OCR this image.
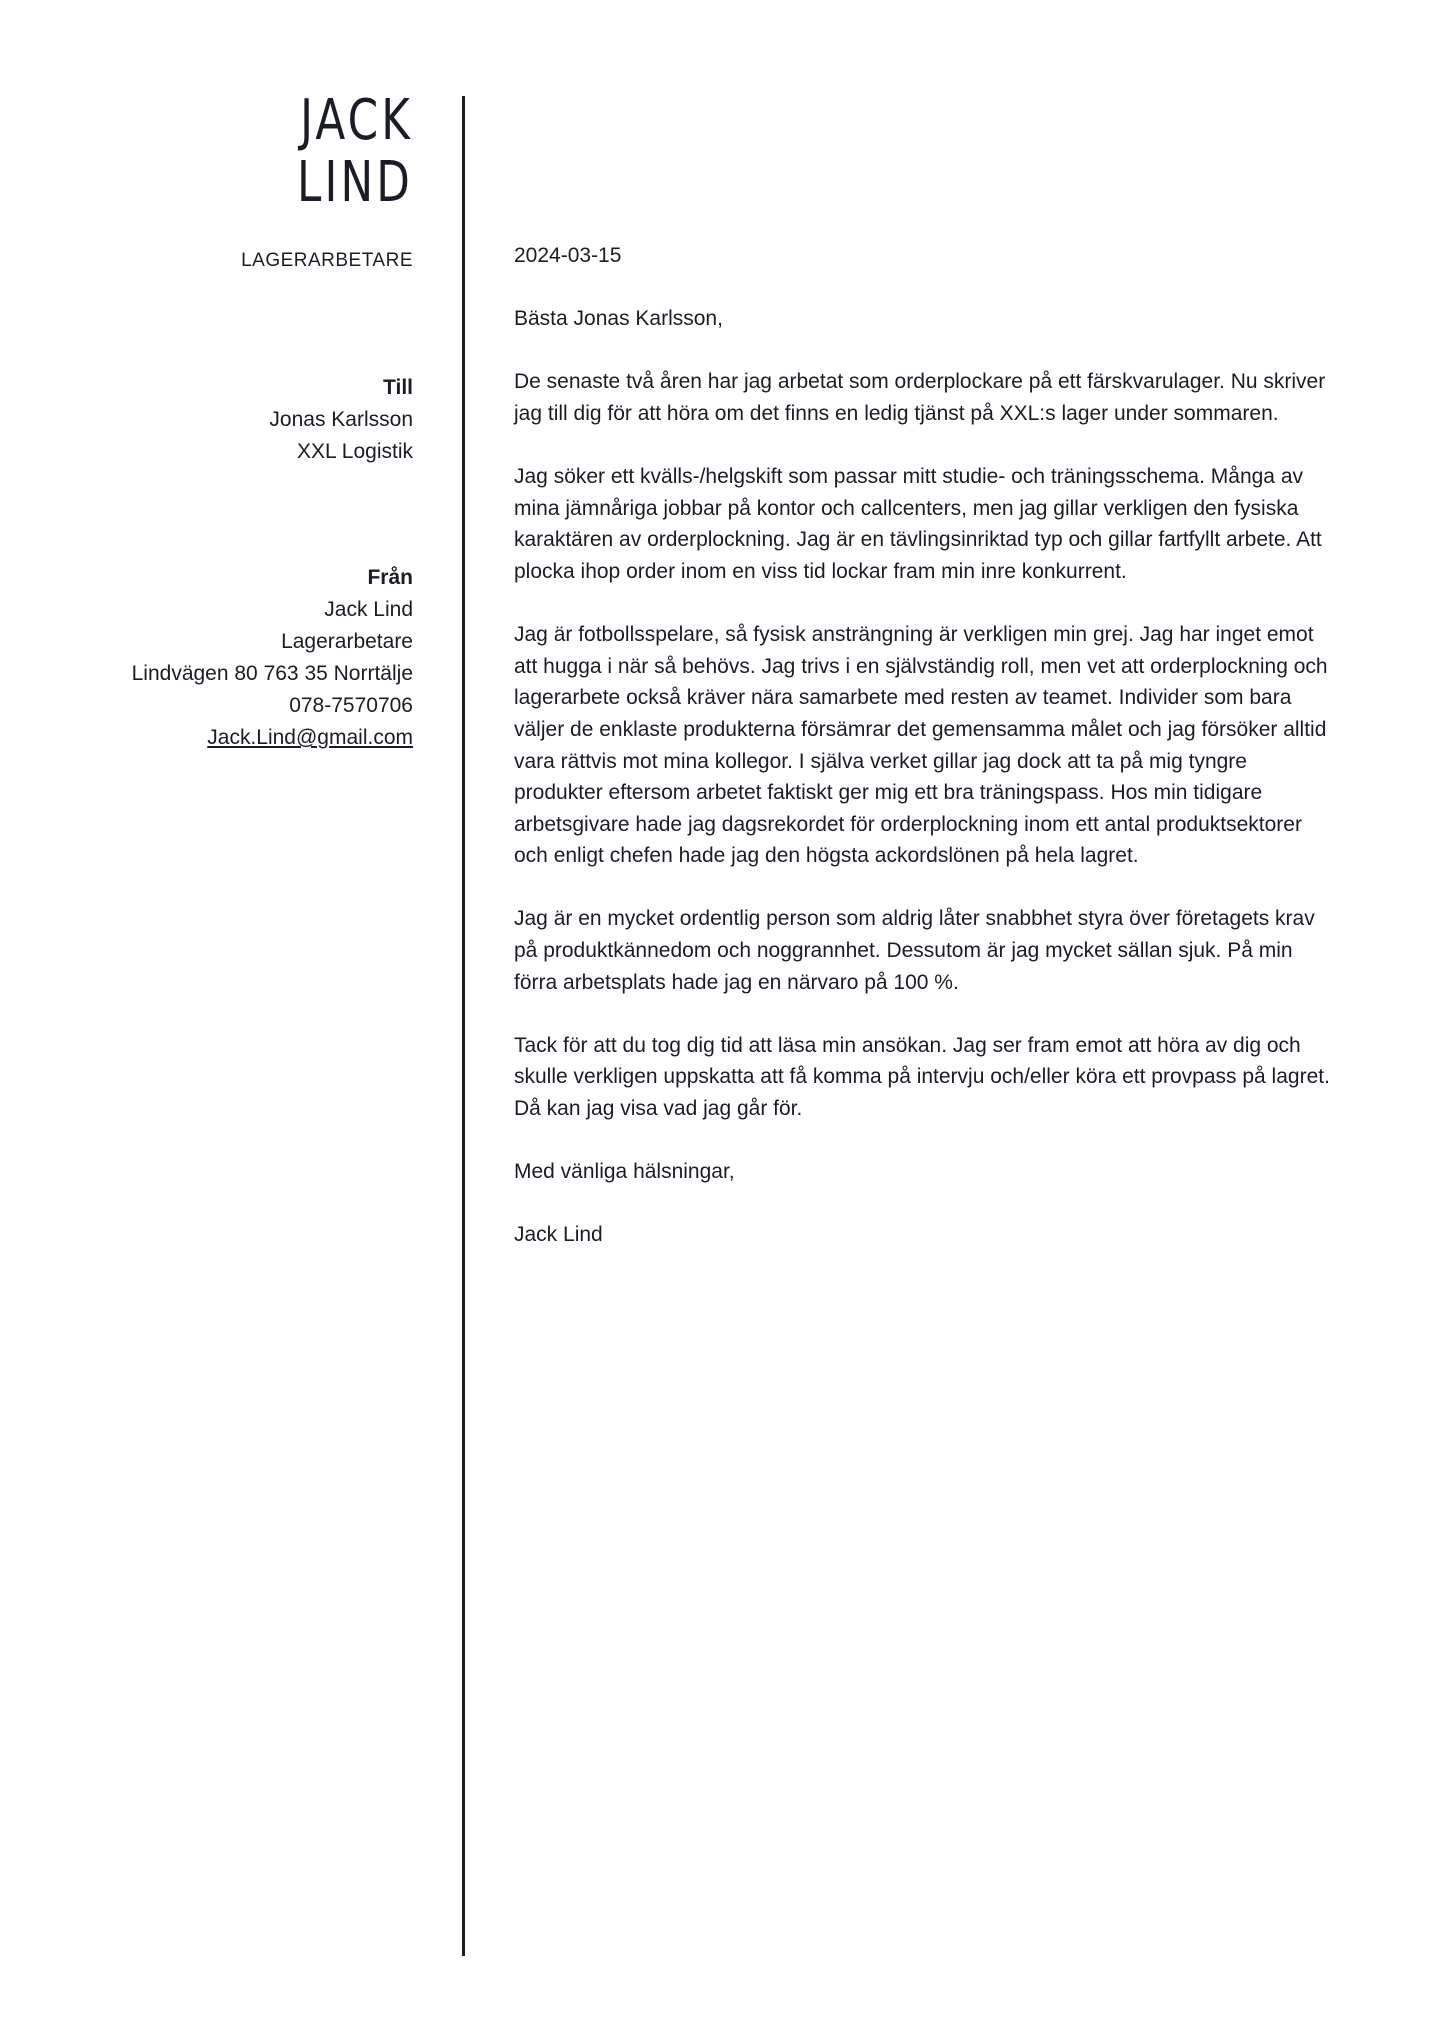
JACK
LIND
LAGERARBETARE
Till
Jonas Karlsson
XXL Logistik
Från
Jack Lind
Lagerarbetare
Lindvägen 80 763 35 Norrtälje
078-7570706
Jack.Lind@gmail.com
2024-03-15
Bästa Jonas Karlsson,
De senaste två åren har jag arbetat som orderplockare på ett färskvarulager. Nu skriver jag till dig för att höra om det finns en ledig tjänst på XXL:s lager under sommaren.
Jag söker ett kvälls-/helgskift som passar mitt studie- och träningsschema. Många av mina jämnåriga jobbar på kontor och callcenters, men jag gillar verkligen den fysiska karaktären av orderplockning. Jag är en tävlingsinriktad typ och gillar fartfyllt arbete. Att plocka ihop order inom en viss tid lockar fram min inre konkurrent.
Jag är fotbollsspelare, så fysisk ansträngning är verkligen min grej. Jag har inget emot att hugga i när så behövs. Jag trivs i en självständig roll, men vet att orderplockning och lagerarbete också kräver nära samarbete med resten av teamet. Individer som bara väljer de enklaste produkterna försämrar det gemensamma målet och jag försöker alltid vara rättvis mot mina kollegor. I själva verket gillar jag dock att ta på mig tyngre produkter eftersom arbetet faktiskt ger mig ett bra träningspass. Hos min tidigare arbetsgivare hade jag dagsrekordet för orderplockning inom ett antal produktsektorer och enligt chefen hade jag den högsta ackordslönen på hela lagret.
Jag är en mycket ordentlig person som aldrig låter snabbhet styra över företagets krav på produktkännedom och noggrannhet. Dessutom är jag mycket sällan sjuk. På min förra arbetsplats hade jag en närvaro på 100 %.
Tack för att du tog dig tid att läsa min ansökan. Jag ser fram emot att höra av dig och skulle verkligen uppskatta att få komma på intervju och/eller köra ett provpass på lagret. Då kan jag visa vad jag går för.
Med vänliga hälsningar,
Jack Lind
